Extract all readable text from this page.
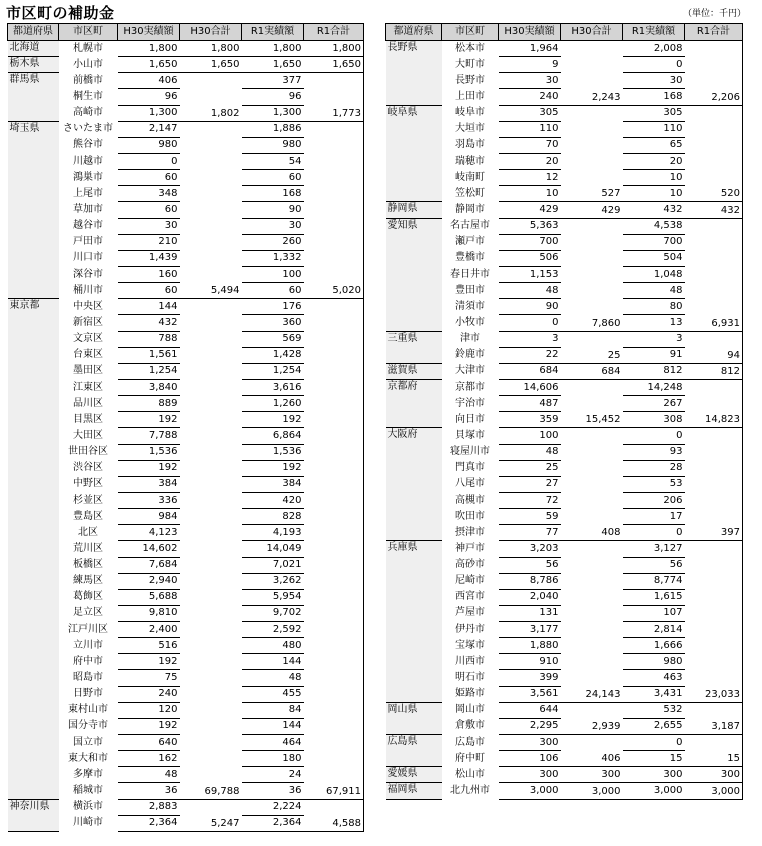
市区町の補助金	（単位：千円）
都道府県	市区町	H30実績額	H30合計	R1実績額	R1合計
北海道	札幌市	1,800	1,800	1,800	1,800
栃木県	小山市	1,650	1,650	1,650	1,650
群馬県	前橋市	406		377	
	桐生市	96		96	
	高崎市	1,300	1,802	1,300	1,773
埼玉県	さいたま市	2,147		1,886	
	熊谷市	980		980	
	川越市	0		54	
	鴻巣市	60		60	
	上尾市	348		168	
	草加市	60		90	
	越谷市	30		30	
	戸田市	210		260	
	川口市	1,439		1,332	
	深谷市	160		100	
	桶川市	60	5,494	60	5,020
東京都	中央区	144		176	
	新宿区	432		360	
	文京区	788		569	
	台東区	1,561		1,428	
	墨田区	1,254		1,254	
	江東区	3,840		3,616	
	品川区	889		1,260	
	目黒区	192		192	
	大田区	7,788		6,864	
	世田谷区	1,536		1,536	
	渋谷区	192		192	
	中野区	384		384	
	杉並区	336		420	
	豊島区	984		828	
	北区	4,123		4,193	
	荒川区	14,602		14,049	
	板橋区	7,684		7,021	
	練馬区	2,940		3,262	
	葛飾区	5,688		5,954	
	足立区	9,810		9,702	
	江戸川区	2,400		2,592	
	立川市	516		480	
	府中市	192		144	
	昭島市	75		48	
	日野市	240		455	
	東村山市	120		84	
	国分寺市	192		144	
	国立市	640		464	
	東大和市	162		180	
	多摩市	48		24	
	稲城市	36	69,788	36	67,911
神奈川県	横浜市	2,883		2,224	
	川崎市	2,364	5,247	2,364	4,588
都道府県	市区町	H30実績額	H30合計	R1実績額	R1合計
長野県	松本市	1,964		2,008	
	大町市	9		0	
	長野市	30		30	
	上田市	240	2,243	168	2,206
岐阜県	岐阜市	305		305	
	大垣市	110		110	
	羽島市	70		65	
	瑞穂市	20		20	
	岐南町	12		10	
	笠松町	10	527	10	520
静岡県	静岡市	429	429	432	432
愛知県	名古屋市	5,363		4,538	
	瀬戸市	700		700	
	豊橋市	506		504	
	春日井市	1,153		1,048	
	豊田市	48		48	
	清須市	90		80	
	小牧市	0	7,860	13	6,931
三重県	津市	3		3	
	鈴鹿市	22	25	91	94
滋賀県	大津市	684	684	812	812
京都府	京都市	14,606		14,248	
	宇治市	487		267	
	向日市	359	15,452	308	14,823
大阪府	貝塚市	100		0	
	寝屋川市	48		93	
	門真市	25		28	
	八尾市	27		53	
	高槻市	72		206	
	吹田市	59		17	
	摂津市	77	408	0	397
兵庫県	神戸市	3,203		3,127	
	高砂市	56		56	
	尼崎市	8,786		8,774	
	西宮市	2,040		1,615	
	芦屋市	131		107	
	伊丹市	3,177		2,814	
	宝塚市	1,880		1,666	
	川西市	910		980	
	明石市	399		463	
	姫路市	3,561	24,143	3,431	23,033
岡山県	岡山市	644		532	
	倉敷市	2,295	2,939	2,655	3,187
広島県	広島市	300		0	
	府中町	106	406	15	15
愛媛県	松山市	300	300	300	300
福岡県	北九州市	3,000	3,000	3,000	3,000
